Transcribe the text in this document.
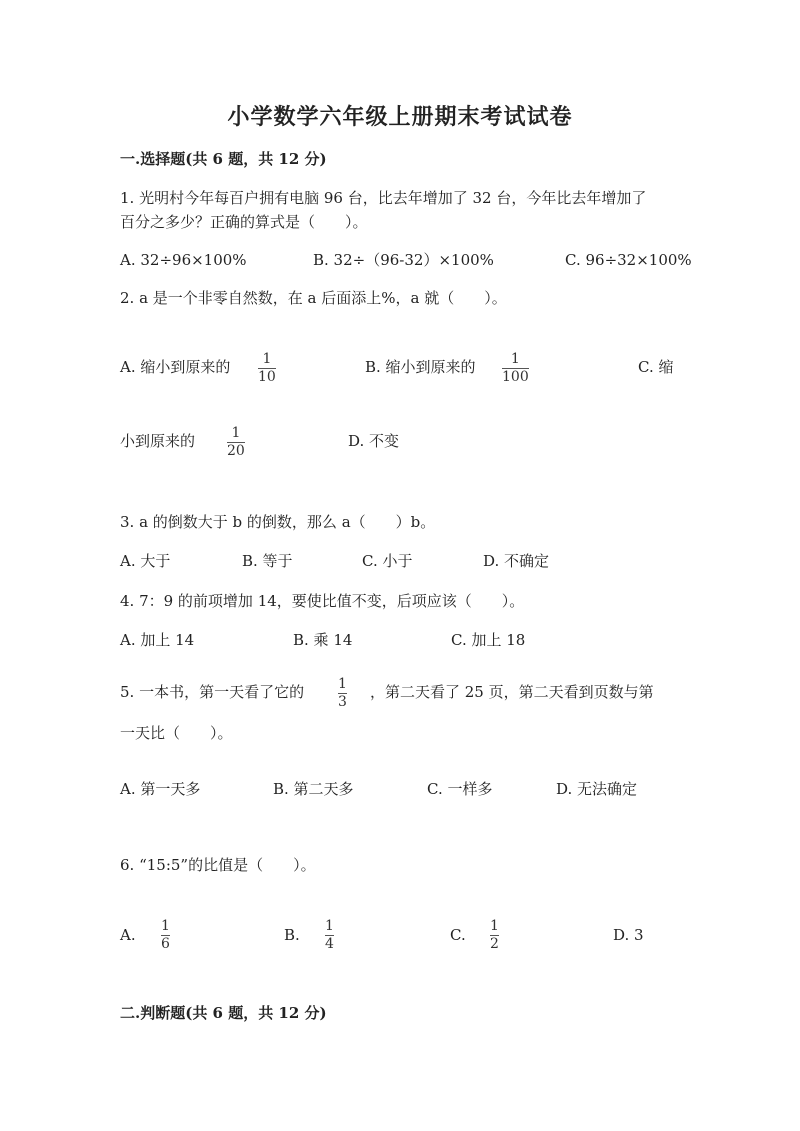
小学数学六年级上册期末考试试卷
一.选择题(共 6 题，共 12 分)
1. 光明村今年每百户拥有电脑 96 台，比去年增加了 32 台，今年比去年增加了
百分之多少？正确的算式是（　　）。
A. 32÷96×100%	B. 32÷（96-32）×100%	C. 96÷32×100%
2. a 是一个非零自然数，在 a 后面添上%，a 就（　　）。
A. 缩小到原来的 1
10
B. 缩小到原来的	1
100
C. 缩
小到原来的	1
20
D. 不变
3. a 的倒数大于 b 的倒数，那么 a（　　）b。
A. 大于	B. 等于	C. 小于	D. 不确定
4. 7：9 的前项增加 14，要使比值不变，后项应该（　　）。
A. 加上 14	B. 乘 14	C. 加上 18
5. 一本书，第一天看了它的 1
3
，第二天看了 25 页，第二天看到页数与第
一天比（　　）。
A. 第一天多	B. 第二天多	C. 一样多	D. 无法确定
6. “15:5”的比值是（　　）。
A. 1
6	B. 1
4	C. 1
2	D. 3
二.判断题(共 6 题，共 12 分)
